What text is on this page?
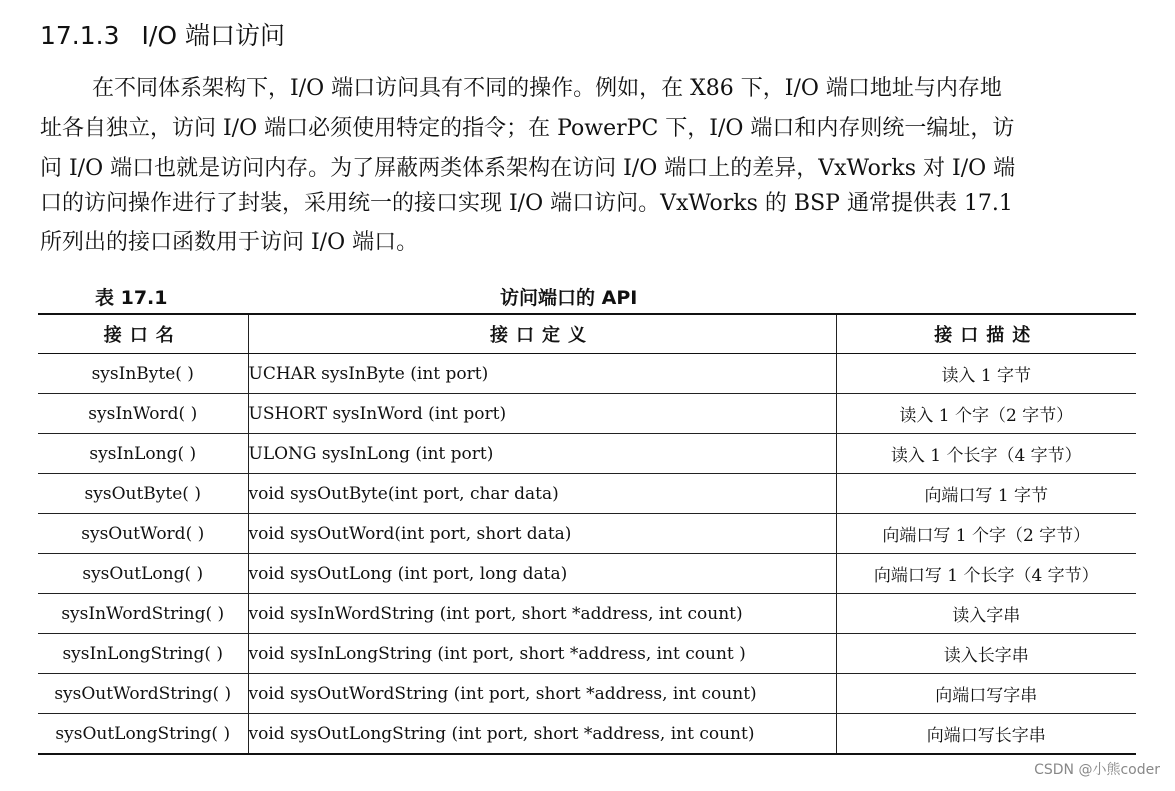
17.1.3 I/O 端口访问
在不同体系架构下，I/O 端口访问具有不同的操作。例如，在 X86 下，I/O 端口地址与内存地
址各自独立，访问 I/O 端口必须使用特定的指令；在 PowerPC 下，I/O 端口和内存则统一编址，访
问 I/O 端口也就是访问内存。为了屏蔽两类体系架构在访问 I/O 端口上的差异，VxWorks 对 I/O 端
口的访问操作进行了封装，采用统一的接口实现 I/O 端口访问。VxWorks 的 BSP 通常提供表 17.1
所列出的接口函数用于访问 I/O 端口。
表 17.1	访问端口的 API
接口名	接口定义	接口描述
sysInByte( )	UCHAR sysInByte (int port)	读入 1 字节
sysInWord( )	USHORT sysInWord (int port)	读入 1 个字（2 字节）
sysInLong( )	ULONG sysInLong (int port)	读入 1 个长字（4 字节）
sysOutByte( )	void sysOutByte(int port, char data)	向端口写 1 字节
sysOutWord( )	void sysOutWord(int port, short data)	向端口写 1 个字（2 字节）
sysOutLong( )	void sysOutLong (int port, long data)	向端口写 1 个长字（4 字节）
sysInWordString( )	void sysInWordString (int port, short *address, int count)	读入字串
sysInLongString( )	void sysInLongString (int port, short *address, int count )	读入长字串
sysOutWordString( )	void sysOutWordString (int port, short *address, int count)	向端口写字串
sysOutLongString( )	void sysOutLongString (int port, short *address, int count)	向端口写长字串
CSDN @小熊coder
